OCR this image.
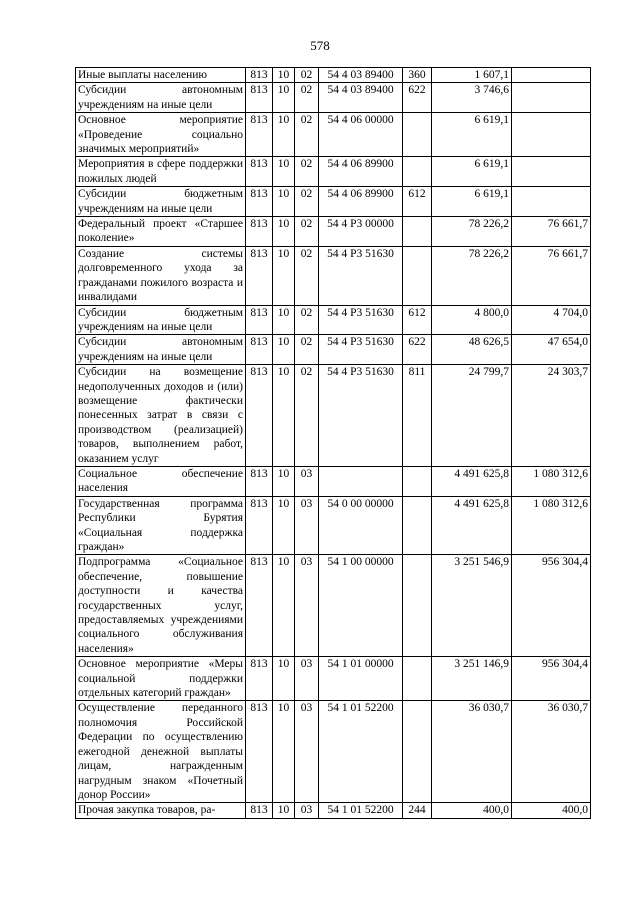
578
Иные выплаты населению	813	10	02	54 4 03 89400	360	1 607,1	
Субсидии автономным учреждениям на иные цели	813	10	02	54 4 03 89400	622	3 746,6	
Основное мероприятие «Проведение социально значимых мероприятий»	813	10	02	54 4 06 00000		6 619,1	
Мероприятия в сфере поддержки пожилых людей	813	10	02	54 4 06 89900		6 619,1	
Субсидии бюджетным учреждениям на иные цели	813	10	02	54 4 06 89900	612	6 619,1	
Федеральный проект «Старшее поколение»	813	10	02	54 4 P3 00000		78 226,2	76 661,7
Создание системы долговременного ухода за гражданами пожилого возраста и инвалидами	813	10	02	54 4 P3 51630		78 226,2	76 661,7
Субсидии бюджетным учреждениям на иные цели	813	10	02	54 4 P3 51630	612	4 800,0	4 704,0
Субсидии автономным учреждениям на иные цели	813	10	02	54 4 P3 51630	622	48 626,5	47 654,0
Субсидии на возмещение недополученных доходов и (или) возмещение фактически понесенных затрат в связи с производством (реализацией) товаров, выполнением работ, оказанием услуг	813	10	02	54 4 P3 51630	811	24 799,7	24 303,7
Социальное обеспечение населения	813	10	03			4 491 625,8	1 080 312,6
Государственная программа Республики Бурятия «Социальная поддержка граждан»	813	10	03	54 0 00 00000		4 491 625,8	1 080 312,6
Подпрограмма «Социальное обеспечение, повышение доступности и качества государственных услуг, предоставляемых учреждениями социального обслуживания населения»	813	10	03	54 1 00 00000		3 251 546,9	956 304,4
Основное мероприятие «Меры социальной поддержки отдельных категорий граждан»	813	10	03	54 1 01 00000		3 251 146,9	956 304,4
Осуществление переданного полномочия Российской Федерации по осуществлению ежегодной денежной выплаты лицам, награжденным нагрудным знаком «Почетный донор России»	813	10	03	54 1 01 52200		36 030,7	36 030,7
Прочая закупка товаров, ра-	813	10	03	54 1 01 52200	244	400,0	400,0
